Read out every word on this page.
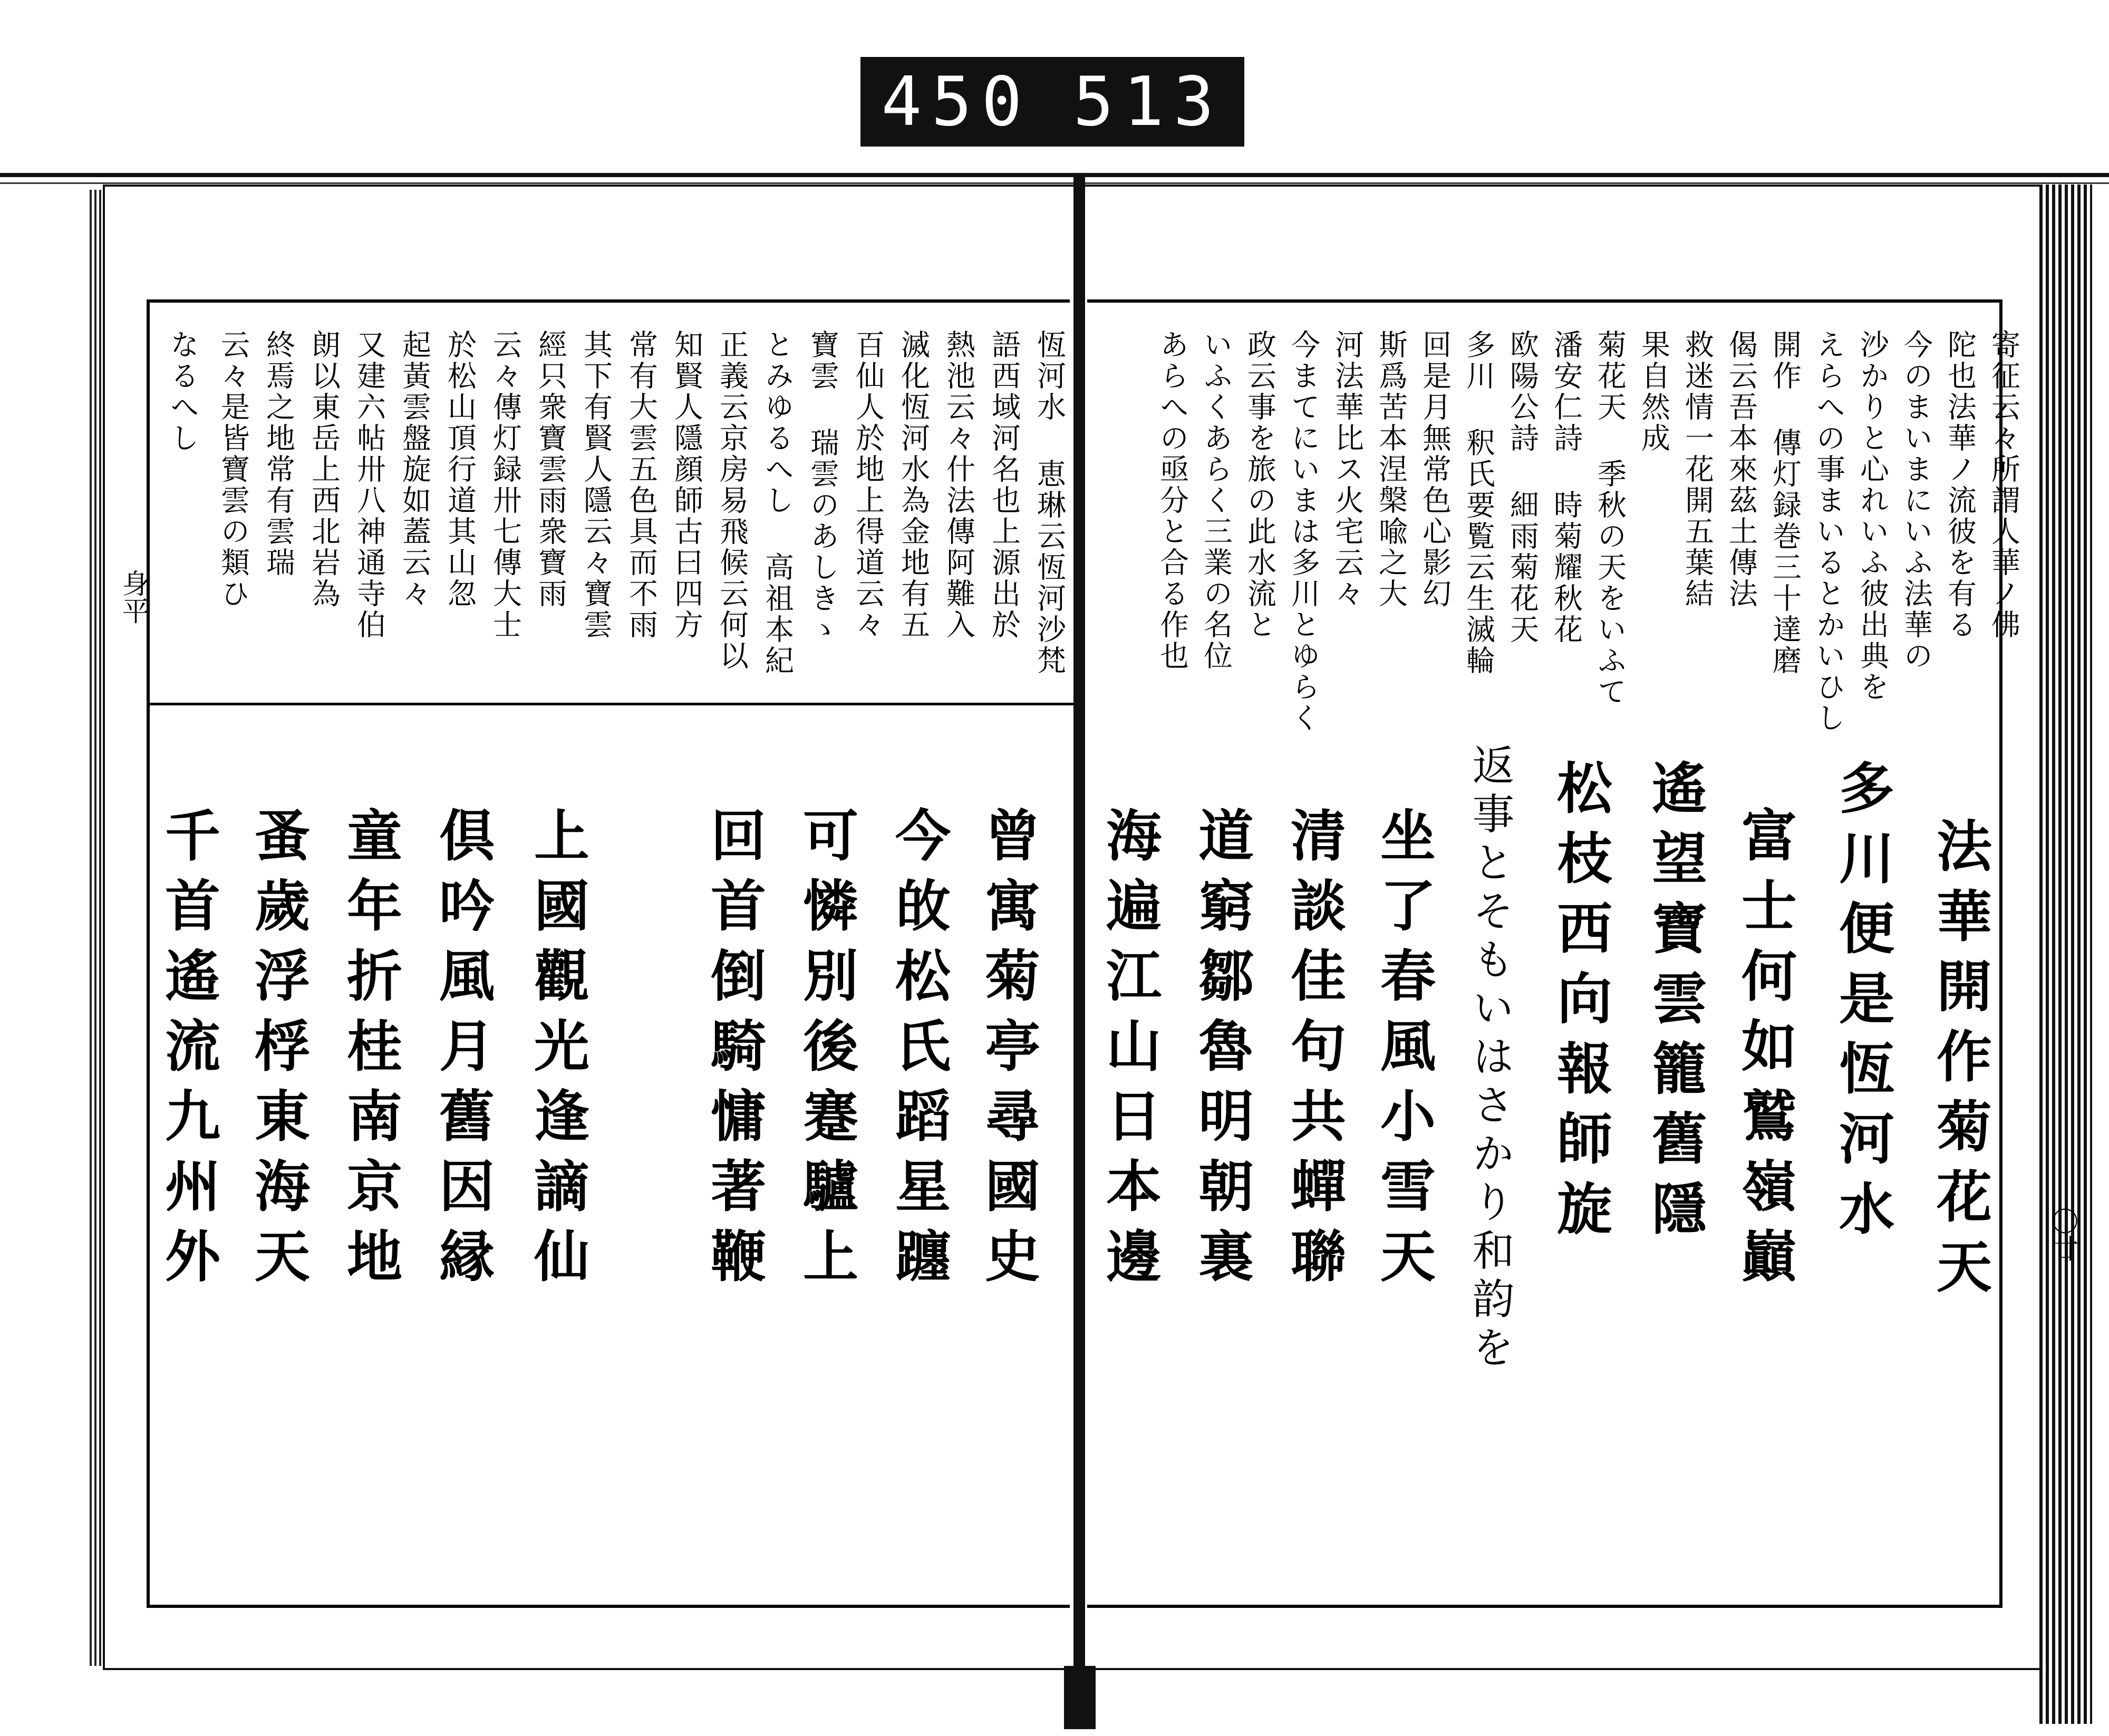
450 513
身平
〇廿
寄征云々所謂人華ノ佛
陀也法華ノ流彼を有る
今のまいまにいふ法華の
沙かりと心れいふ彼出典を
えらへの事まいるとかいひし
開作 傳灯録巻三十達磨
偈云吾本來茲土傳法
救迷情一花開五葉結
果自然成
菊花天 季秋の天をいふて
潘安仁詩 時菊耀秋花
欧陽公詩 細雨菊花天
多川 釈氏要覧云生滅輪
回是月無常色心影幻
斯爲苦本涅槃喩之大
河法華比ス火宅云々
今まてにいまは多川とゆらく
政云事を旅の此水流と
いふくあらく三業の名位
あらへの亟分と合る作也
法華開作菊花天
多川便是恆河水
富士何如鷲嶺巓
遙望寶雲籠舊隱
松枝西向報師旋
返事とそもいはさかり和韵を
坐了春風小雪天
清談佳句共蟬聯
道窮鄒魯明朝裏
海遍江山日本邊
恆河水 恵琳云恆河沙梵
語西域河名也上源出於
熱池云々什法傳阿難入
滅化恆河水為金地有五
百仙人於地上得道云々
寶雲 瑞雲のあしきゝ
とみゆるへし 高祖本紀
正義云京房易飛候云何以
知賢人隱顔師古曰四方
常有大雲五色具而不雨
其下有賢人隱云々寶雲
經只衆寶雲雨衆寶雨
云々傳灯録卅七傳大士
於松山頂行道其山忽
起黃雲盤旋如蓋云々
又建六帖卅八神通寺伯
朗以東岳上西北岩為
終焉之地常有雲瑞
云々是皆寶雲の類ひ
なるへし
曾寓菊亭尋國史
今敀松氏蹈星躔
可憐別後蹇驢上
回首倒騎慵著鞭
上國觀光逢謫仙
倶吟風月舊因縁
童年折桂南京地
蚤歲浮桴東海天
千首遙流九州外
